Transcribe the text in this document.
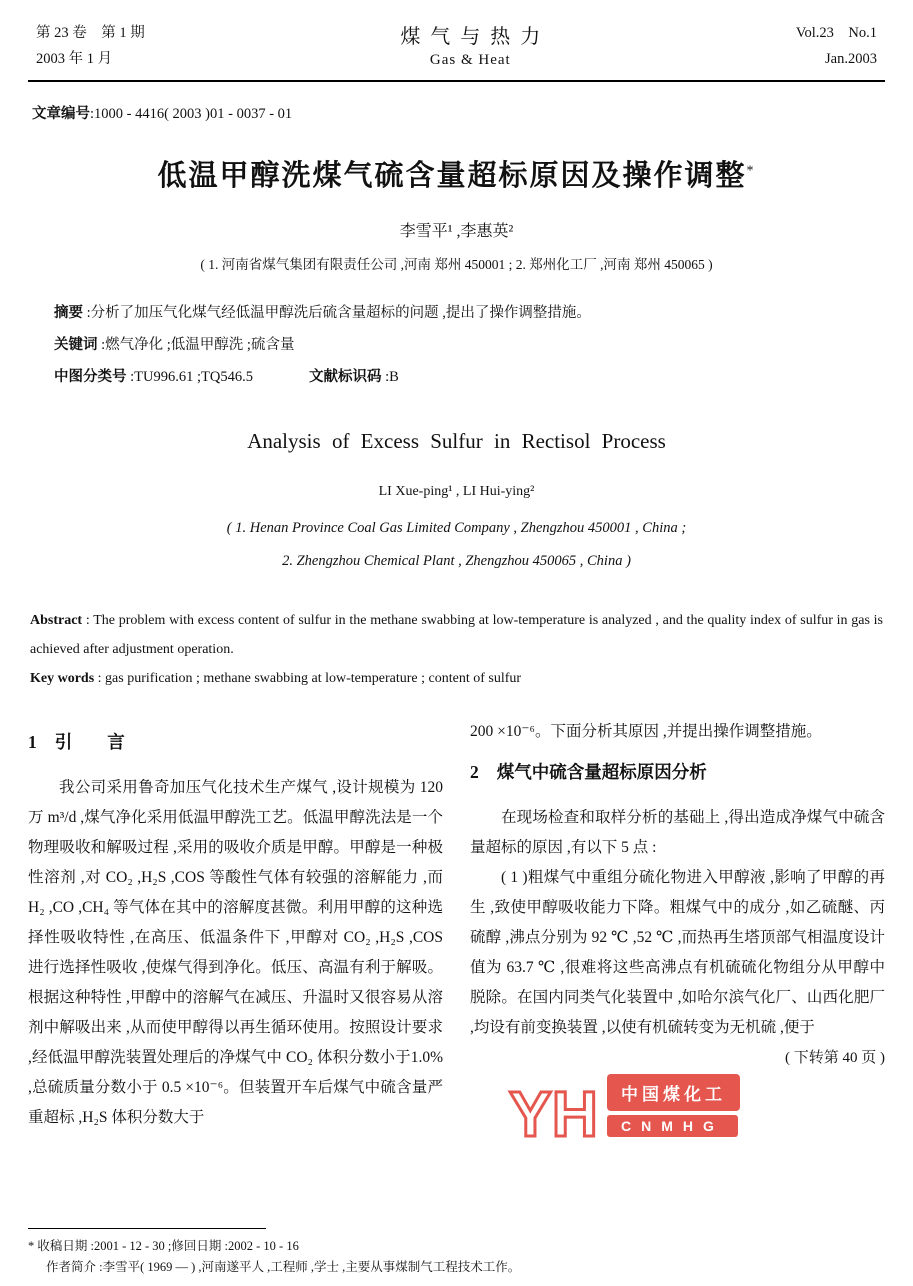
第 23 卷　第 1 期
2003 年 1 月
煤气与热力
Gas & Heat
Vol.23　No.1
Jan.2003
文章编号:1000 - 4416( 2003 )01 - 0037 - 01
低温甲醇洗煤气硫含量超标原因及操作调整*
李雪平¹ ,李惠英²
( 1. 河南省煤气集团有限责任公司 ,河南 郑州 450001 ; 2. 郑州化工厂 ,河南 郑州 450065 )
摘要 :分析了加压气化煤气经低温甲醇洗后硫含量超标的问题 ,提出了操作调整措施。
关键词 :燃气净化 ;低温甲醇洗 ;硫含量
中图分类号 :TU996.61 ;TQ546.5	文献标识码 :B
Analysis of Excess Sulfur in Rectisol Process
LI Xue-ping¹ , LI Hui-ying²
( 1. Henan Province Coal Gas Limited Company , Zhengzhou 450001 , China ;
2. Zhengzhou Chemical Plant , Zhengzhou 450065 , China )
Abstract : The problem with excess content of sulfur in the methane swabbing at low-temperature is analyzed , and the quality index of sulfur in gas is achieved after adjustment operation.
Key words : gas purification ; methane swabbing at low-temperature ; content of sulfur
1 引　　言

我公司采用鲁奇加压气化技术生产煤气 ,设计规模为 120 万 m³/d ,煤气净化采用低温甲醇洗工艺。低温甲醇洗法是一个物理吸收和解吸过程 ,采用的吸收介质是甲醇。甲醇是一种极性溶剂 ,对 CO₂ ,H₂S ,COS 等酸性气体有较强的溶解能力 ,而 H₂ ,CO ,CH₄ 等气体在其中的溶解度甚微。利用甲醇的这种选择性吸收特性 ,在高压、低温条件下 ,甲醇对 CO₂ ,H₂S ,COS 进行选择性吸收 ,使煤气得到净化。低压、高温有利于解吸。根据这种特性 ,甲醇中的溶解气在减压、升温时又很容易从溶剂中解吸出来 ,从而使甲醇得以再生循环使用。按照设计要求 ,经低温甲醇洗装置处理后的净煤气中 CO₂ 体积分数小于1.0% ,总硫质量分数小于 0.5 ×10⁻⁶。但装置开车后煤气中硫含量严重超标 ,H₂S 体积分数大于

200 ×10⁻⁶。下面分析其原因 ,并提出操作调整措施。

2 煤气中硫含量超标原因分析

在现场检查和取样分析的基础上 ,得出造成净煤气中硫含量超标的原因 ,有以下 5 点 :

( 1 )粗煤气中重组分硫化物进入甲醇液 ,影响了甲醇的再生 ,致使甲醇吸收能力下降。粗煤气中的成分 ,如乙硫醚、丙硫醇 ,沸点分别为 92 ℃ ,52 ℃ ,而热再生塔顶部气相温度设计值为 63.7 ℃ ,很难将这些高沸点有机硫硫化物组分从甲醇中脱除。在国内同类气化装置中 ,如哈尔滨气化厂、山西化肥厂 ,均设有前变换装置 ,以使有机硫转变为无机硫 ,便于

( 下转第 40 页 )

YH	中国煤化工
CNMHG
* 收稿日期 :2001 - 12 - 30 ;修回日期 :2002 - 10 - 16
作者简介 :李雪平( 1969 — ) ,河南遂平人 ,工程师 ,学士 ,主要从事煤制气工程技术工作。
